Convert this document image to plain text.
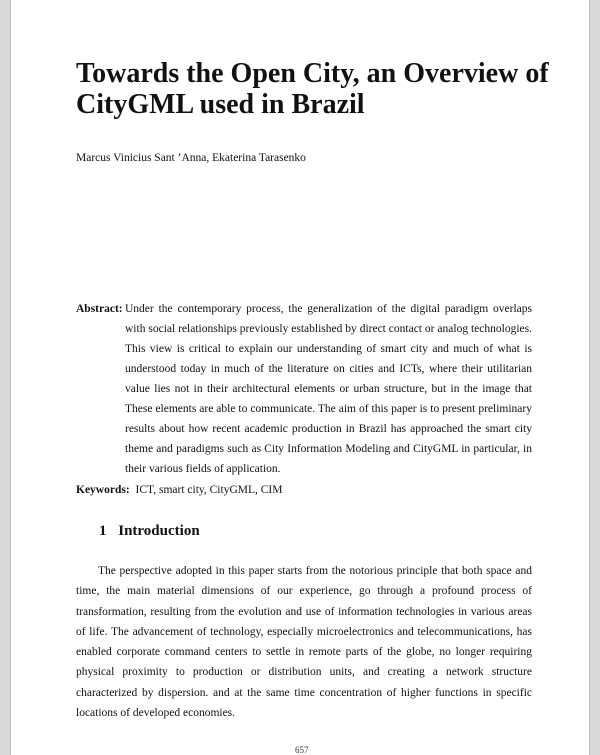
Towards the Open City, an Overview of CityGML used in Brazil
Marcus Vinicius Sant ’Anna, Ekaterina Tarasenko
Abstract: Under the contemporary process, the generalization of the digital paradigm overlaps with social relationships previously established by direct contact or analog technologies. This view is critical to explain our understanding of smart city and much of what is understood today in much of the literature on cities and ICTs, where their utilitarian value lies not in their architectural elements or urban structure, but in the image that These elements are able to communicate. The aim of this paper is to present preliminary results about how recent academic production in Brazil has approached the smart city theme and paradigms such as City Information Modeling and CityGML in particular, in their various fields of application.

Keywords: ICT, smart city, CityGML, CIM
1 Introduction

The perspective adopted in this paper starts from the notorious principle that both space and time, the main material dimensions of our experience, go through a profound process of transformation, resulting from the evolution and use of information technologies in various areas of life. The advancement of technology, especially microelectronics and telecommunications, has enabled corporate command centers to settle in remote parts of the globe, no longer requiring physical proximity to production or distribution units, and creating a network structure characterized by dispersion. and at the same time concentration of higher functions in specific locations of developed economies.

657
